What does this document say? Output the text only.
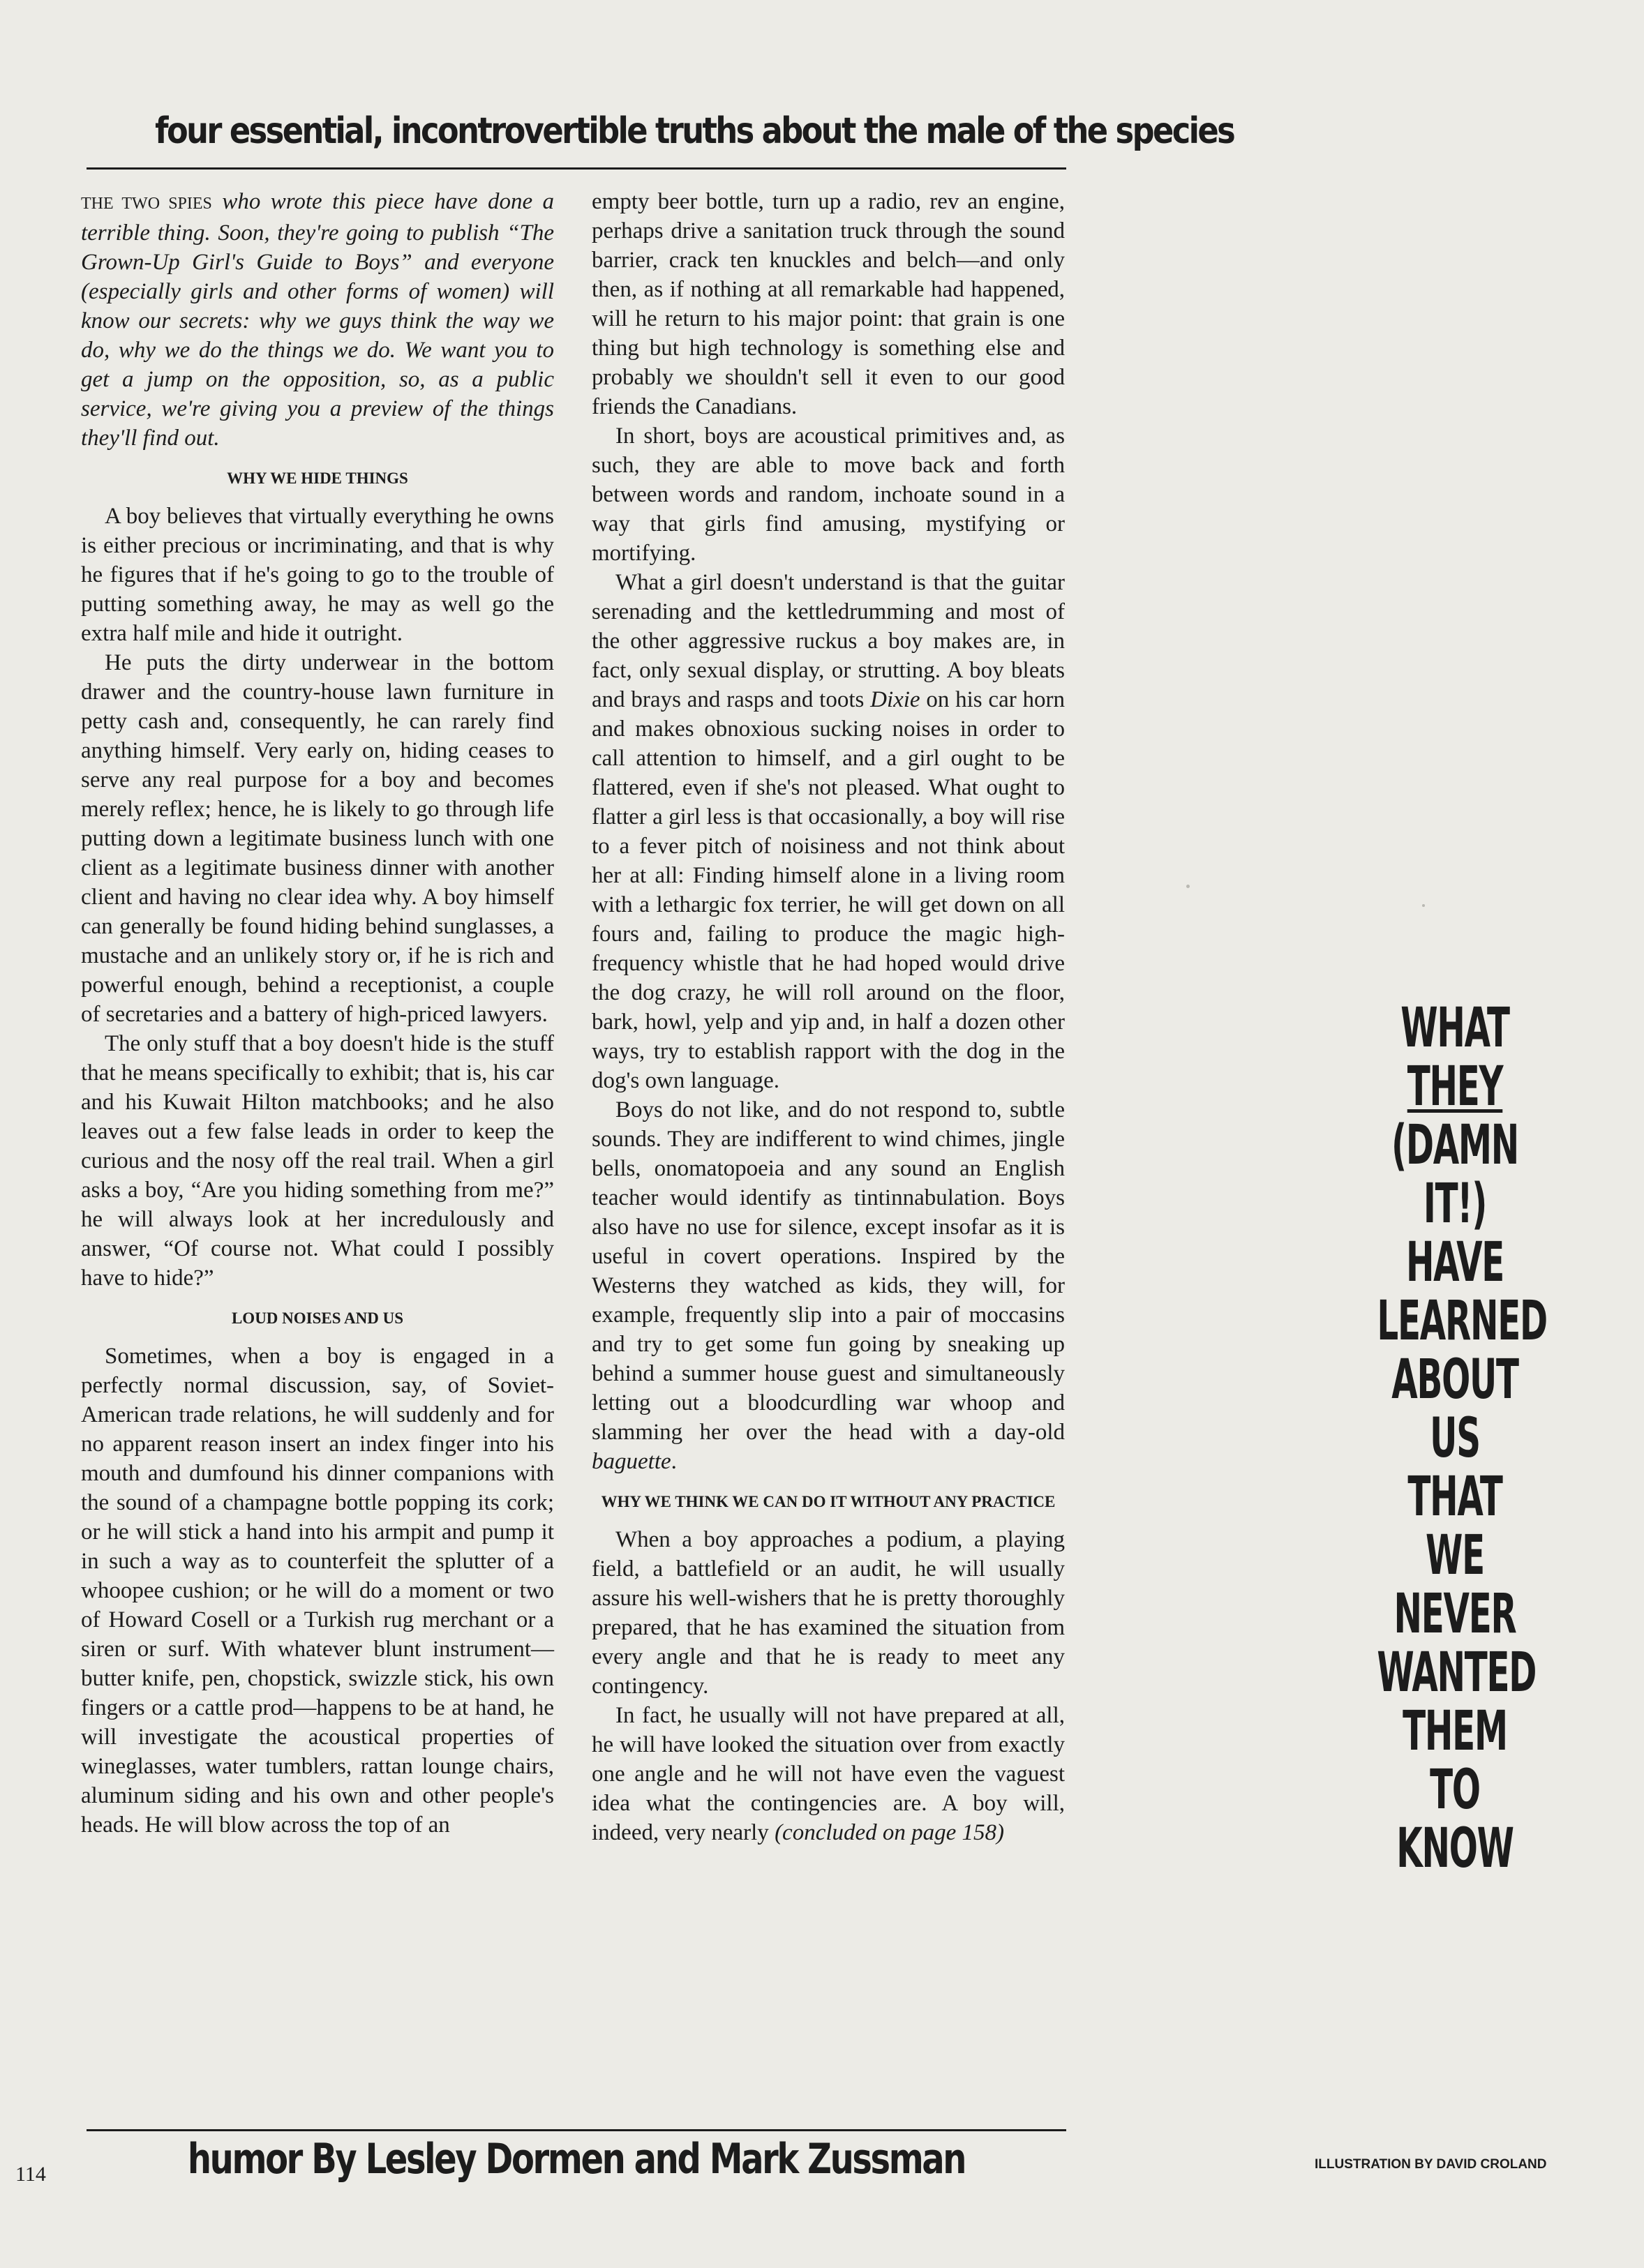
four essential, incontrovertible truths about the male of the species

THE TWO SPIES who wrote this piece have done a terrible thing. Soon, they're going to publish “The Grown-Up Girl's Guide to Boys” and everyone (especially girls and other forms of women) will know our secrets: why we guys think the way we do, why we do the things we do. We want you to get a jump on the opposition, so, as a public service, we're giving you a preview of the things they'll find out.

WHY WE HIDE THINGS

A boy believes that virtually everything he owns is either precious or incriminating, and that is why he figures that if he's going to go to the trouble of putting something away, he may as well go the extra half mile and hide it outright.

He puts the dirty underwear in the bottom drawer and the country-house lawn furniture in petty cash and, consequently, he can rarely find anything himself. Very early on, hiding ceases to serve any real purpose for a boy and becomes merely reflex; hence, he is likely to go through life putting down a legitimate business lunch with one client as a legitimate business dinner with another client and having no clear idea why. A boy himself can generally be found hiding behind sunglasses, a mustache and an unlikely story or, if he is rich and powerful enough, behind a receptionist, a couple of secretaries and a battery of high-priced lawyers.

The only stuff that a boy doesn't hide is the stuff that he means specifically to exhibit; that is, his car and his Kuwait Hilton matchbooks; and he also leaves out a few false leads in order to keep the curious and the nosy off the real trail. When a girl asks a boy, “Are you hiding something from me?” he will always look at her incredulously and answer, “Of course not. What could I possibly have to hide?”

LOUD NOISES AND US

Sometimes, when a boy is engaged in a perfectly normal discussion, say, of Soviet-American trade relations, he will suddenly and for no apparent reason insert an index finger into his mouth and dumfound his dinner companions with the sound of a champagne bottle popping its cork; or he will stick a hand into his armpit and pump it in such a way as to counterfeit the splutter of a whoopee cushion; or he will do a moment or two of Howard Cosell or a Turkish rug merchant or a siren or surf. With whatever blunt instrument—butter knife, pen, chopstick, swizzle stick, his own fingers or a cattle prod—happens to be at hand, he will investigate the acoustical properties of wineglasses, water tumblers, rattan lounge chairs, aluminum siding and his own and other people's heads. He will blow across the top of an

empty beer bottle, turn up a radio, rev an engine, perhaps drive a sanitation truck through the sound barrier, crack ten knuckles and belch—and only then, as if nothing at all remarkable had happened, will he return to his major point: that grain is one thing but high technology is something else and probably we shouldn't sell it even to our good friends the Canadians.

In short, boys are acoustical primitives and, as such, they are able to move back and forth between words and random, inchoate sound in a way that girls find amusing, mystifying or mortifying.

What a girl doesn't understand is that the guitar serenading and the kettledrumming and most of the other aggressive ruckus a boy makes are, in fact, only sexual display, or strutting. A boy bleats and brays and rasps and toots Dixie on his car horn and makes obnoxious sucking noises in order to call attention to himself, and a girl ought to be flattered, even if she's not pleased. What ought to flatter a girl less is that occasionally, a boy will rise to a fever pitch of noisiness and not think about her at all: Finding himself alone in a living room with a lethargic fox terrier, he will get down on all fours and, failing to produce the magic high-frequency whistle that he had hoped would drive the dog crazy, he will roll around on the floor, bark, howl, yelp and yip and, in half a dozen other ways, try to establish rapport with the dog in the dog's own language.

Boys do not like, and do not respond to, subtle sounds. They are indifferent to wind chimes, jingle bells, onomatopoeia and any sound an English teacher would identify as tintinnabulation. Boys also have no use for silence, except insofar as it is useful in covert operations. Inspired by the Westerns they watched as kids, they will, for example, frequently slip into a pair of moccasins and try to get some fun going by sneaking up behind a summer house guest and simultaneously letting out a bloodcurdling war whoop and slamming her over the head with a day-old baguette.

WHY WE THINK WE CAN DO IT WITHOUT ANY PRACTICE

When a boy approaches a podium, a playing field, a battlefield or an audit, he will usually assure his well-wishers that he is pretty thoroughly prepared, that he has examined the situation from every angle and that he is ready to meet any contingency.

In fact, he usually will not have prepared at all, he will have looked the situation over from exactly one angle and he will not have even the vaguest idea what the contingencies are. A boy will, indeed, very nearly (concluded on page 158)

WHAT
THEY
(DAMN IT!)
HAVE
LEARNED
ABOUT
US
THAT
WE
NEVER
WANTED
THEM
TO
KNOW
humor By Lesley Dormen and Mark Zussman
114	ILLUSTRATION BY DAVID CROLAND
